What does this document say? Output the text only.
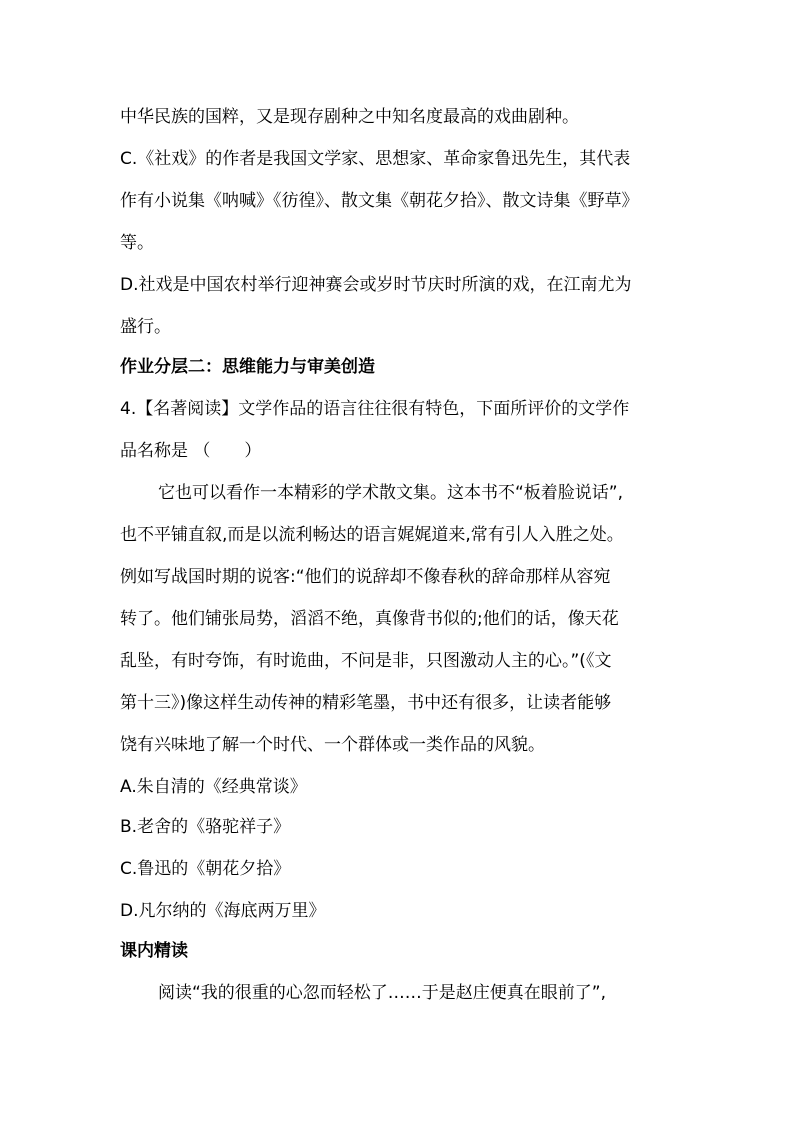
中华民族的国粹，又是现存剧种之中知名度最高的戏曲剧种。
C.《社戏》的作者是我国文学家、思想家、革命家鲁迅先生，其代表
作有小说集《呐喊》《彷徨》、散文集《朝花夕拾》、散文诗集《野草》
等。
D.社戏是中国农村举行迎神赛会或岁时节庆时所演的戏，在江南尤为
盛行。
作业分层二：思维能力与审美创造
4.【名著阅读】文学作品的语言往往很有特色，下面所评价的文学作
品名称是 （　　）
它也可以看作一本精彩的学术散文集。这本书不“板着脸说话”,
也不平铺直叙,而是以流利畅达的语言娓娓道来,常有引人入胜之处。
例如写战国时期的说客:“他们的说辞却不像春秋的辞命那样从容宛
转了。他们铺张局势，滔滔不绝，真像背书似的;他们的话，像天花
乱坠，有时夸饰，有时诡曲，不问是非，只图激动人主的心。”(《文
第十三》)像这样生动传神的精彩笔墨，书中还有很多，让读者能够
饶有兴味地了解一个时代、一个群体或一类作品的风貌。
A.朱自清的《经典常谈》
B.老舍的《骆驼祥子》
C.鲁迅的《朝花夕拾》
D.凡尔纳的《海底两万里》
课内精读
阅读“我的很重的心忽而轻松了……于是赵庄便真在眼前了”,
